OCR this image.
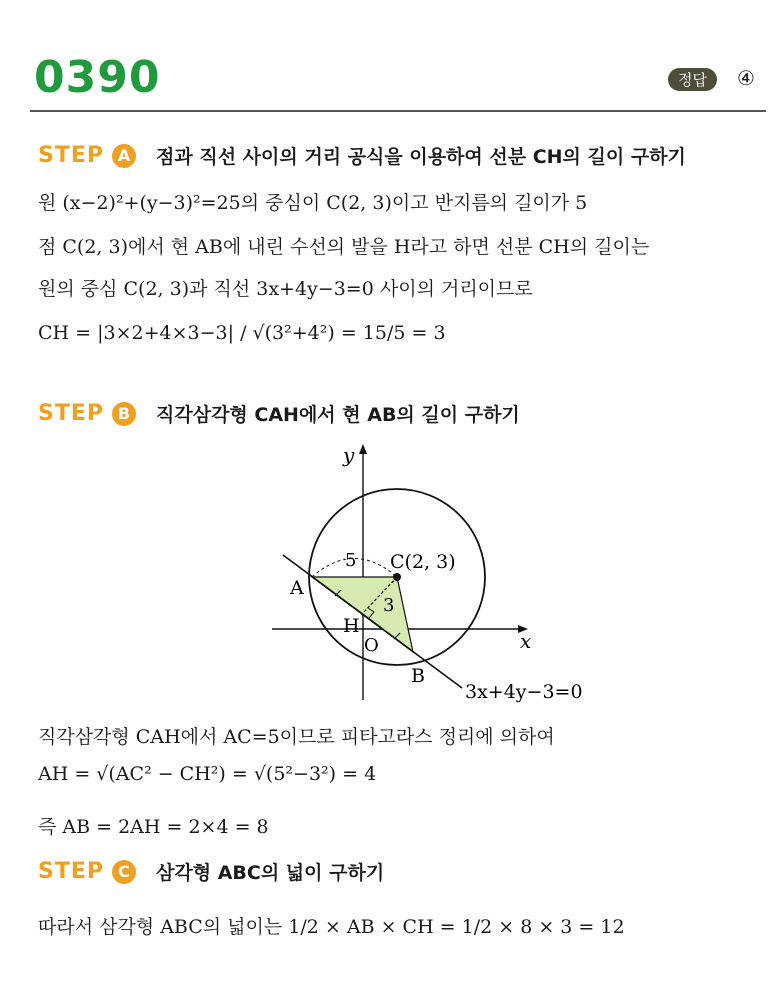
0390	정답	④
STEP A	점과 직선 사이의 거리 공식을 이용하여 선분 CH의 길이 구하기
원 (x−2)²+(y−3)²=25의 중심이 C(2, 3)이고 반지름의 길이가 5
점 C(2, 3)에서 현 AB에 내린 수선의 발을 H라고 하면 선분 CH의 길이는
원의 중심 C(2, 3)과 직선 3x+4y−3=0 사이의 거리이므로
CH = |3×2+4×3−3| / √(3²+4²) = 15/5 = 3
STEP B	직각삼각형 CAH에서 현 AB의 길이 구하기
y
x
O
C(2, 3)
5
3
A
H
B
3x+4y−3=0
직각삼각형 CAH에서 AC=5이므로 피타고라스 정리에 의하여
AH = √(AC² − CH²) = √(5²−3²) = 4
즉 AB = 2AH = 2×4 = 8
STEP C	삼각형 ABC의 넓이 구하기
따라서 삼각형 ABC의 넓이는 1/2 × AB × CH = 1/2 × 8 × 3 = 12
